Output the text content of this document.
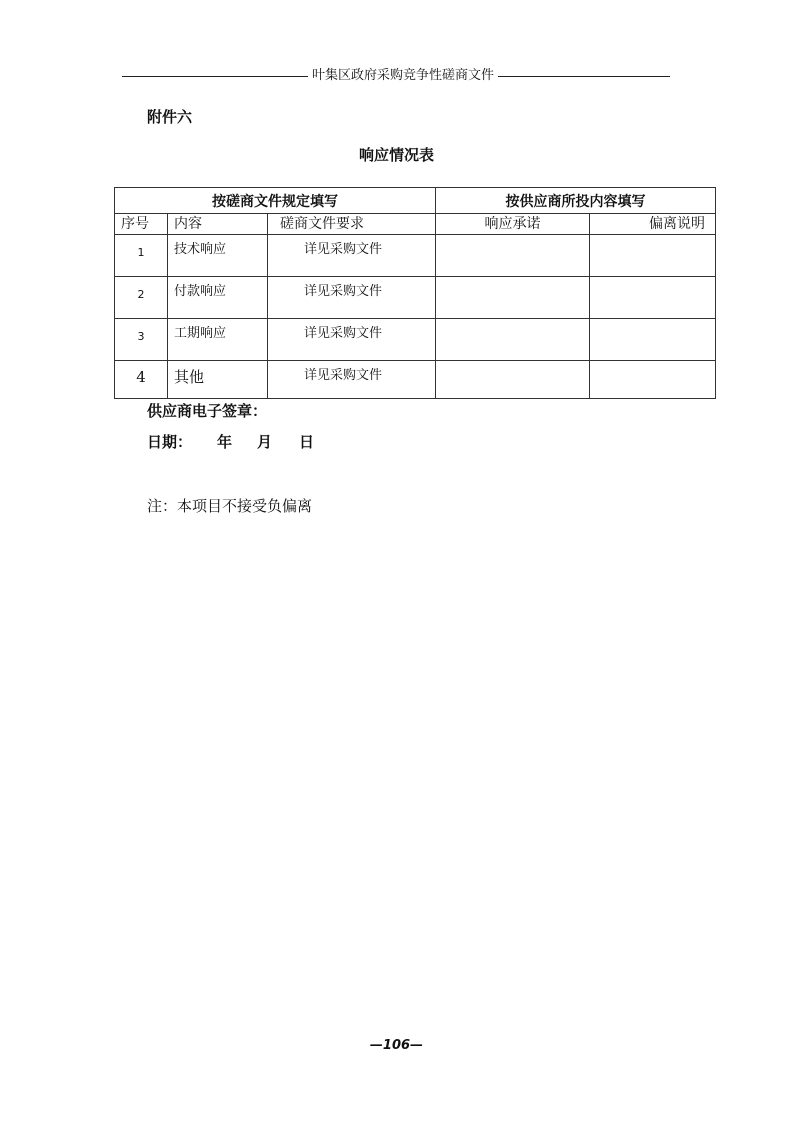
叶集区政府采购竞争性磋商文件
附件六
响应情况表
按磋商文件规定填写			按供应商所投内容填写	
序号	内容	磋商文件要求	响应承诺	偏离说明
1	技术响应	详见采购文件		
2	付款响应	详见采购文件		
3	工期响应	详见采购文件		
4	其他	详见采购文件		
供应商电子签章：
日期： 年 月 日
注：本项目不接受负偏离
—106—
